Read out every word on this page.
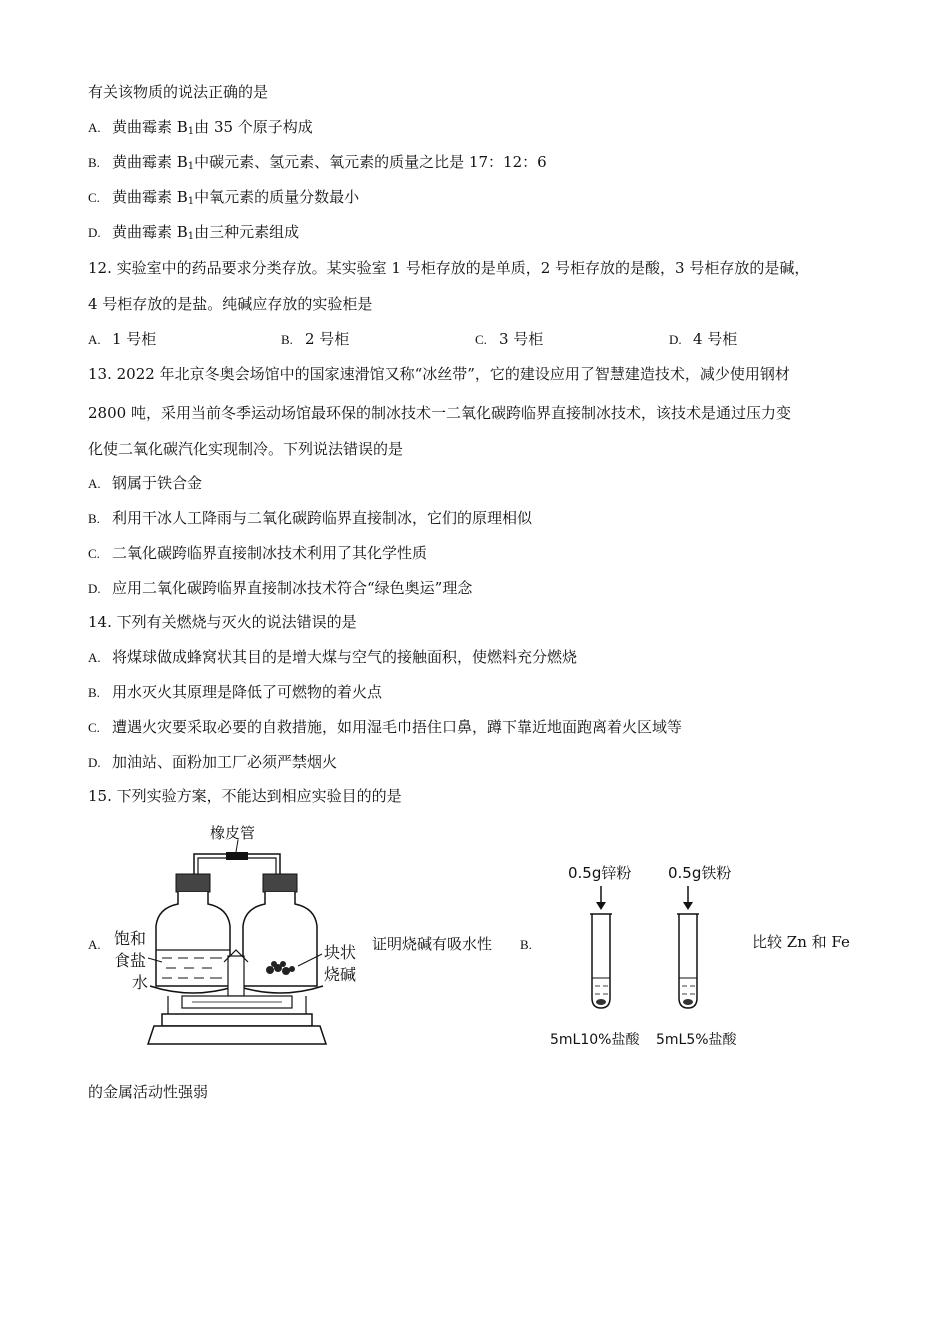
有关该物质的说法正确的是
A. 黄曲霉素 $B_1$由 35 个原子构成
B. 黄曲霉素 $B_1$中碳元素、氢元素、氧元素的质量之比是 17：12：6
C. 黄曲霉素 $B_1$中氧元素的质量分数最小
D. 黄曲霉素 $B_1$由三种元素组成
12. 实验室中的药品要求分类存放。某实验室 1 号柜存放的是单质，2 号柜存放的是酸，3 号柜存放的是碱，
4 号柜存放的是盐。纯碱应存放的实验柜是
A. 1 号柜	B. 2 号柜	C. 3 号柜	D. 4 号柜
13. 2022 年北京冬奥会场馆中的国家速滑馆又称“冰丝带”，它的建设应用了智慧建造技术，减少使用钢材
2800 吨，采用当前冬季运动场馆最环保的制冰技术一二氧化碳跨临界直接制冰技术，该技术是通过压力变
化使二氧化碳汽化实现制冷。下列说法错误的是
A. 钢属于铁合金
B. 利用干冰人工降雨与二氧化碳跨临界直接制冰，它们的原理相似
C. 二氧化碳跨临界直接制冰技术利用了其化学性质
D. 应用二氧化碳跨临界直接制冰技术符合“绿色奥运”理念
14. 下列有关燃烧与灭火的说法错误的是
A. 将煤球做成蜂窝状其目的是增大煤与空气的接触面积，使燃料充分燃烧
B. 用水灭火其原理是降低了可燃物的着火点
C. 遭遇火灾要采取必要的自救措施，如用湿毛巾捂住口鼻，蹲下靠近地面跑离着火区域等
D. 加油站、面粉加工厂必须严禁烟火
15. 下列实验方案，不能达到相应实验目的的是
A.
橡皮管
饱和
食盐
水
块状
烧碱
证明烧碱有吸水性 B.
0.5g锌粉 0.5g铁粉
5mL10%盐酸 5mL5%盐酸
比较 Zn 和 Fe
的金属活动性强弱
